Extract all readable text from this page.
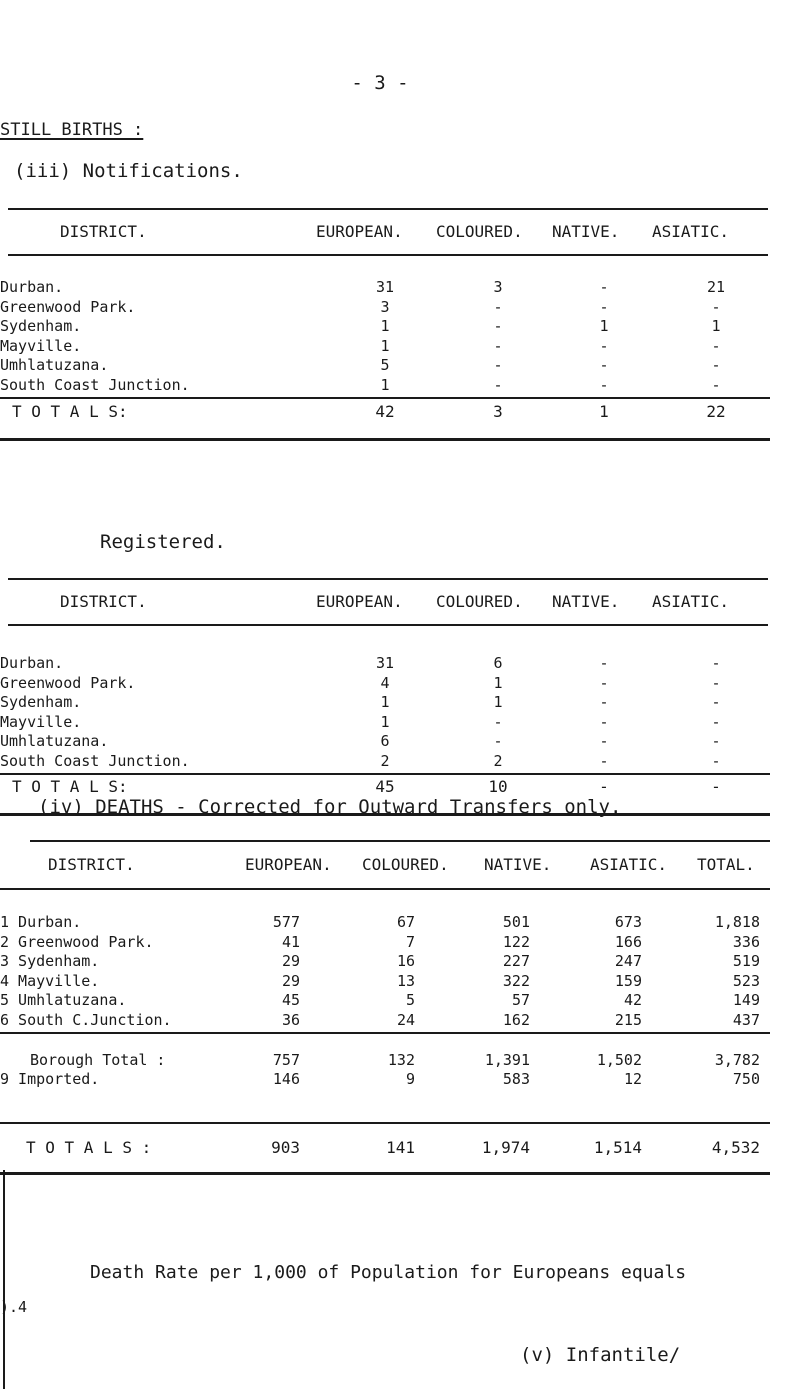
- 3 -
STILL BIRTHS :
(iii) Notifications.
DISTRICT.	EUROPEAN. COLOURED. NATIVE. ASIATIC.
Durban.	31	3	-	21
Greenwood Park.	3	-	-	-
Sydenham.	1	-	1	1
Mayville.	1	-	-	-
Umhlatuzana.	5	-	-	-
South Coast Junction.	1	-	-	-
T O T A L S:	42	3	1	22
Registered.
DISTRICT.	EUROPEAN. COLOURED. NATIVE. ASIATIC.
Durban.	31	6	-	-
Greenwood Park.	4	1	-	-
Sydenham.	1	1	-	-
Mayville.	1	-	-	-
Umhlatuzana.	6	-	-	-
South Coast Junction.	2	2	-	-
T O T A L S:	45	10	-	-
(iv) DEATHS - Corrected for Outward Transfers only.
DISTRICT.	EUROPEAN. COLOURED. NATIVE. ASIATIC. TOTAL.
1 Durban.	577	67	501	673	1,818
2 Greenwood Park.	41	7	122	166	336
3 Sydenham.	29	16	227	247	519
4 Mayville.	29	13	322	159	523
5 Umhlatuzana.	45	5	57	42	149
6 South C.Junction.	36	24	162	215	437
Borough Total :	757	132	1,391	1,502	3,782
9 Imported.	146	9	583	12	750
T O T A L S :	903	141	1,974	1,514	4,532
Death Rate per 1,000 of Population for Europeans equals
).4
(v) Infantile/
